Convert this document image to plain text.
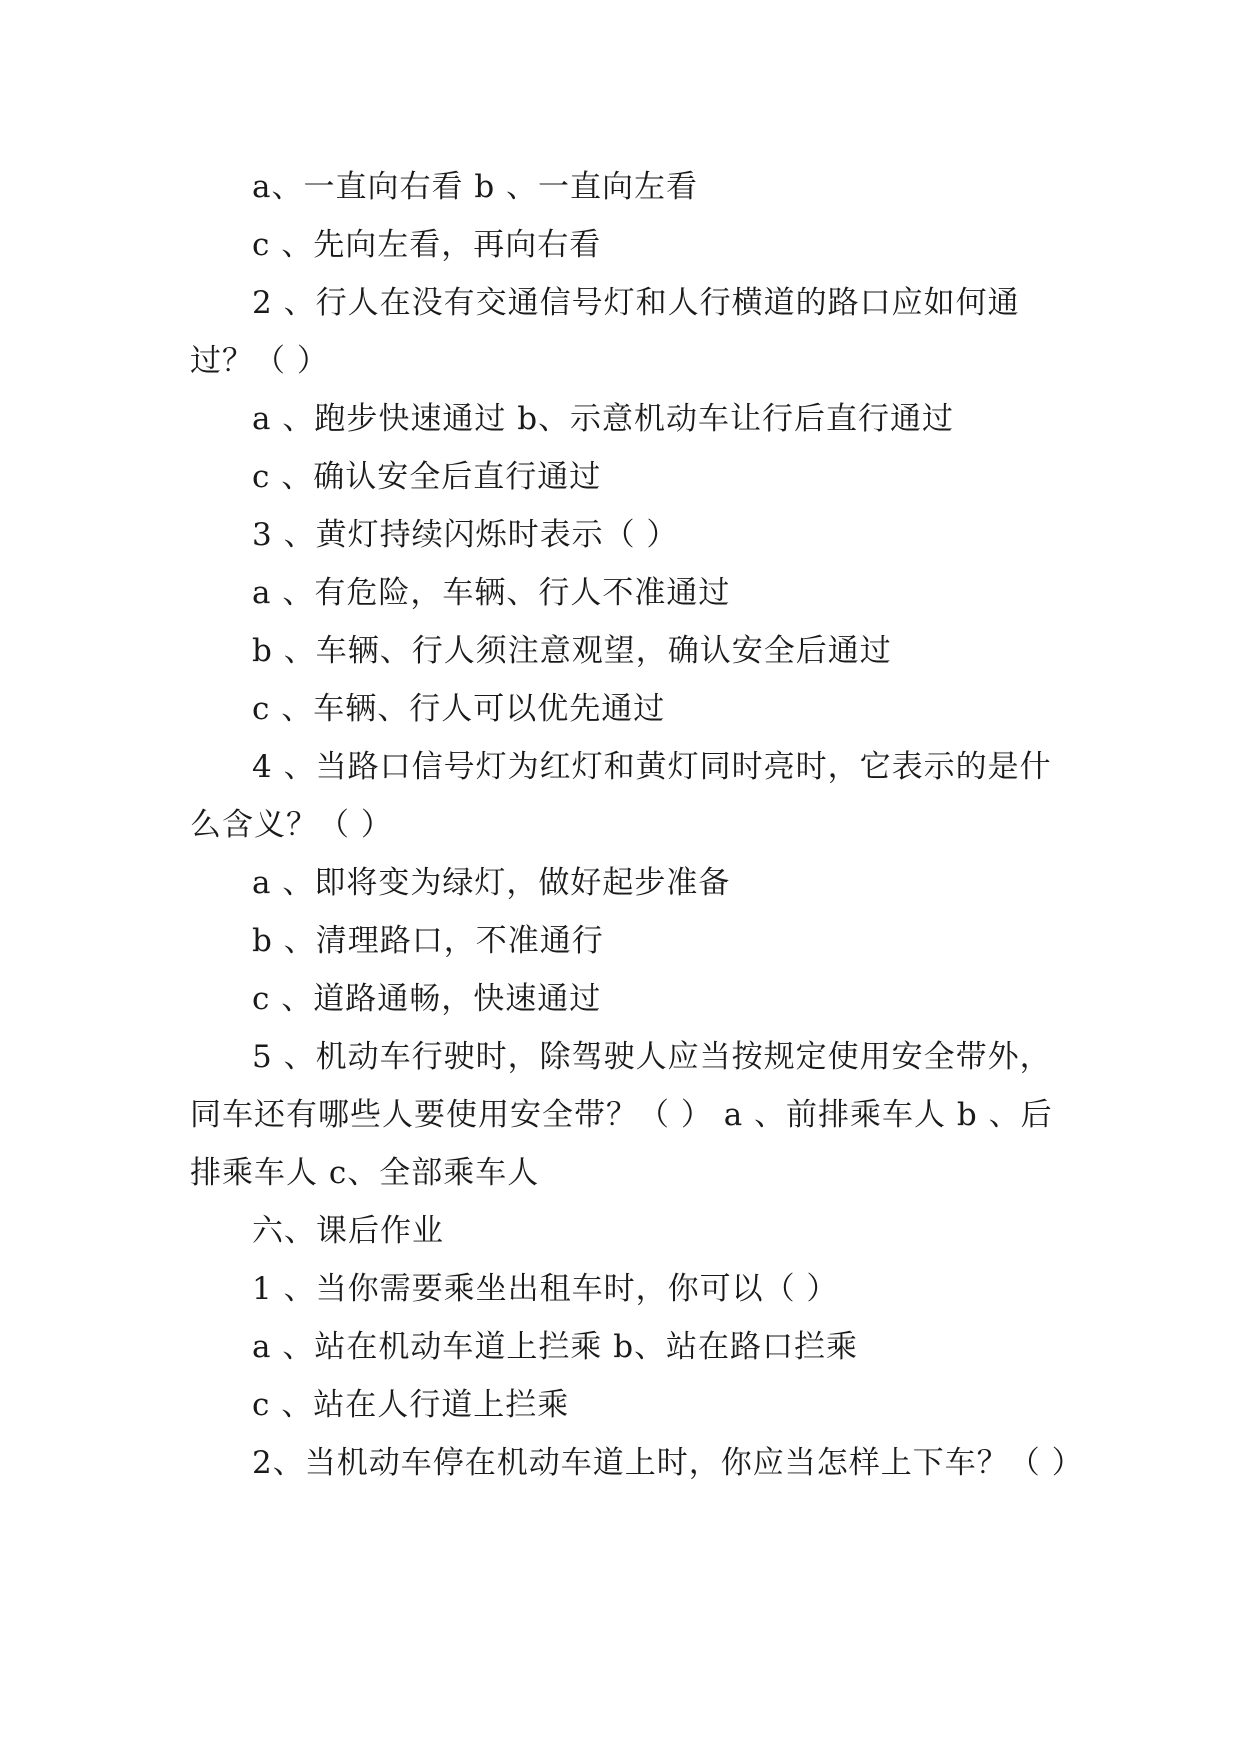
a、一直向右看 b 、一直向左看

c 、先向左看，再向右看

2 、行人在没有交通信号灯和人行横道的路口应如何通过？（ ）

a 、跑步快速通过 b、示意机动车让行后直行通过

c 、确认安全后直行通过

3 、黄灯持续闪烁时表示（ ）

a 、有危险，车辆、行人不准通过

b 、车辆、行人须注意观望，确认安全后通过

c 、车辆、行人可以优先通过

4 、当路口信号灯为红灯和黄灯同时亮时，它表示的是什么含义？（ ）

a 、即将变为绿灯，做好起步准备

b 、清理路口，不准通行

c 、道路通畅，快速通过

5 、机动车行驶时，除驾驶人应当按规定使用安全带外，同车还有哪些人要使用安全带？（ ） a 、前排乘车人 b 、后排乘车人 c、全部乘车人

六、课后作业

1 、当你需要乘坐出租车时，你可以（ ）

a 、站在机动车道上拦乘 b、站在路口拦乘

c 、站在人行道上拦乘

2、当机动车停在机动车道上时，你应当怎样上下车？（ ）
